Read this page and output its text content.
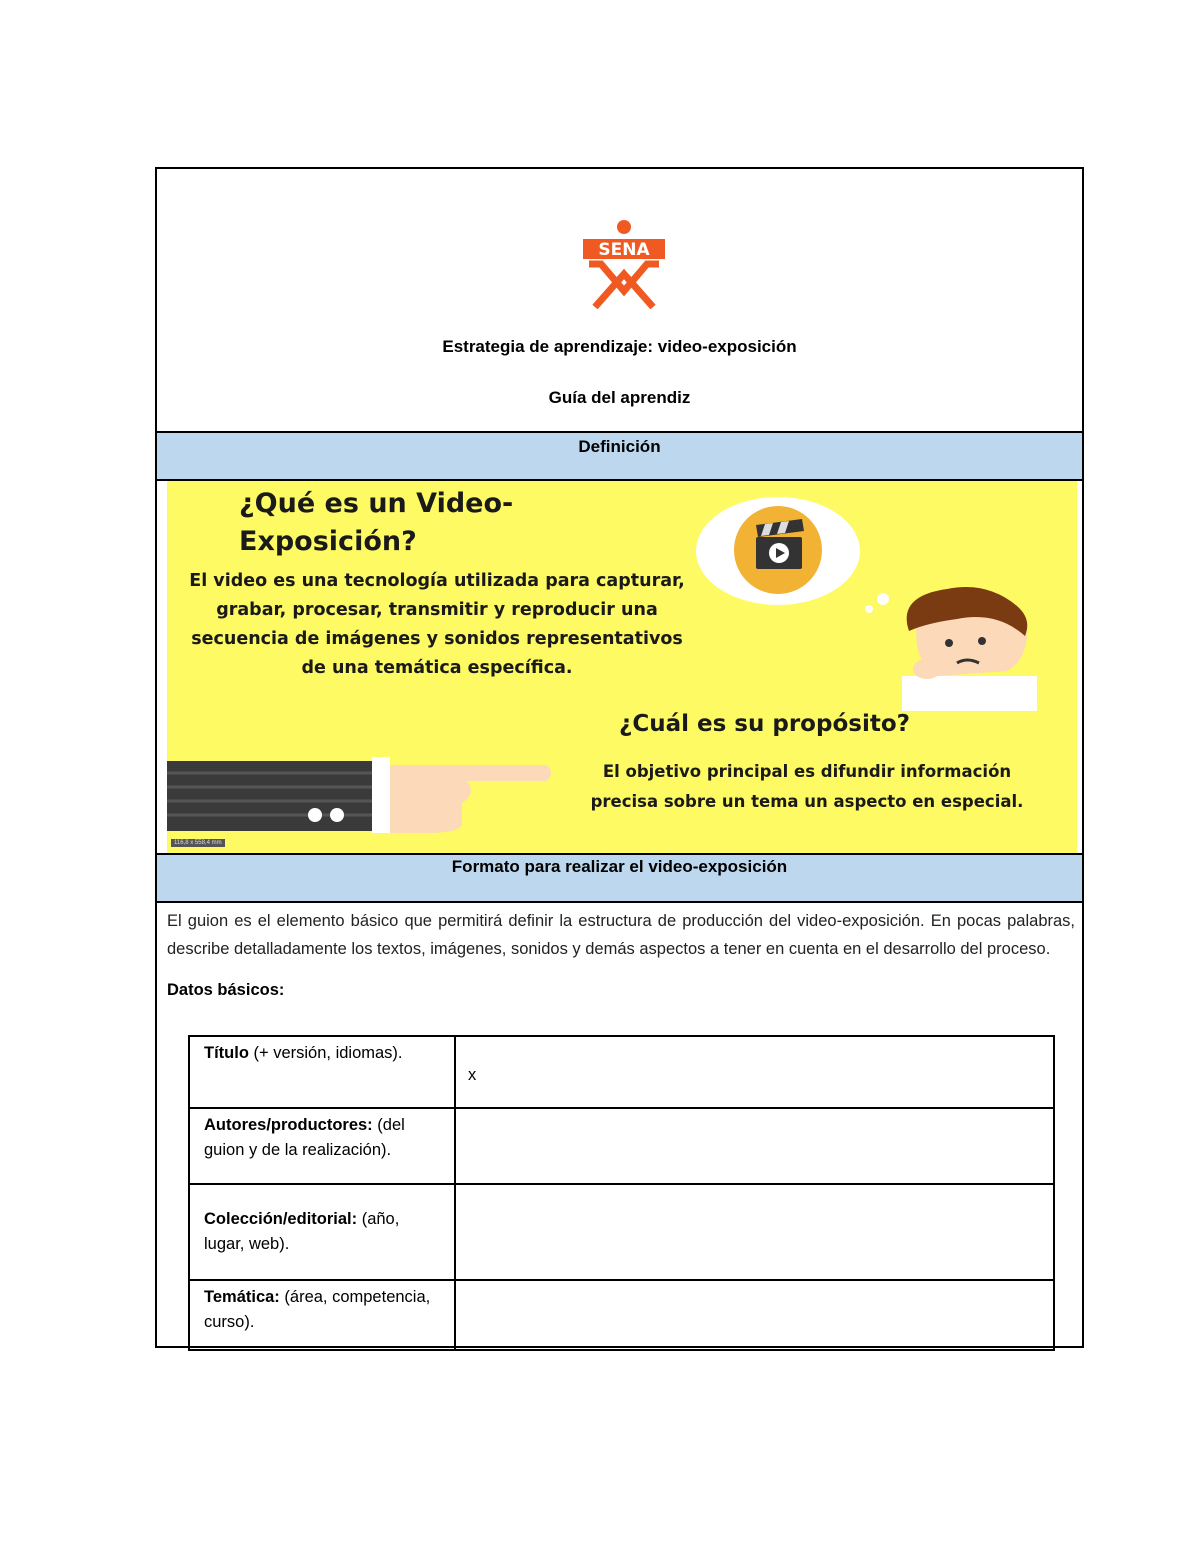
SENA
Estrategia de aprendizaje: video-exposición
Guía del aprendiz
Definición
¿Qué es un Video-Exposición?
El video es una tecnología utilizada para capturar, grabar, procesar, transmitir y reproducir una secuencia de imágenes y sonidos representativos de una temática específica.
¿Cuál es su propósito?
El objetivo principal es difundir información precisa sobre un tema un aspecto en especial.
116,8 x 558,4 mm
Formato para realizar el video-exposición

El guion es el elemento básico que permitirá definir la estructura de producción del video-exposición. En pocas palabras, describe detalladamente los textos, imágenes, sonidos y demás aspectos a tener en cuenta en el desarrollo del proceso.

Datos básicos:
Título (+ versión, idiomas).	x

Autores/productores: (del guion y de la realización).	
Colección/editorial: (año, lugar, web).	
Temática: (área, competencia, curso).	
